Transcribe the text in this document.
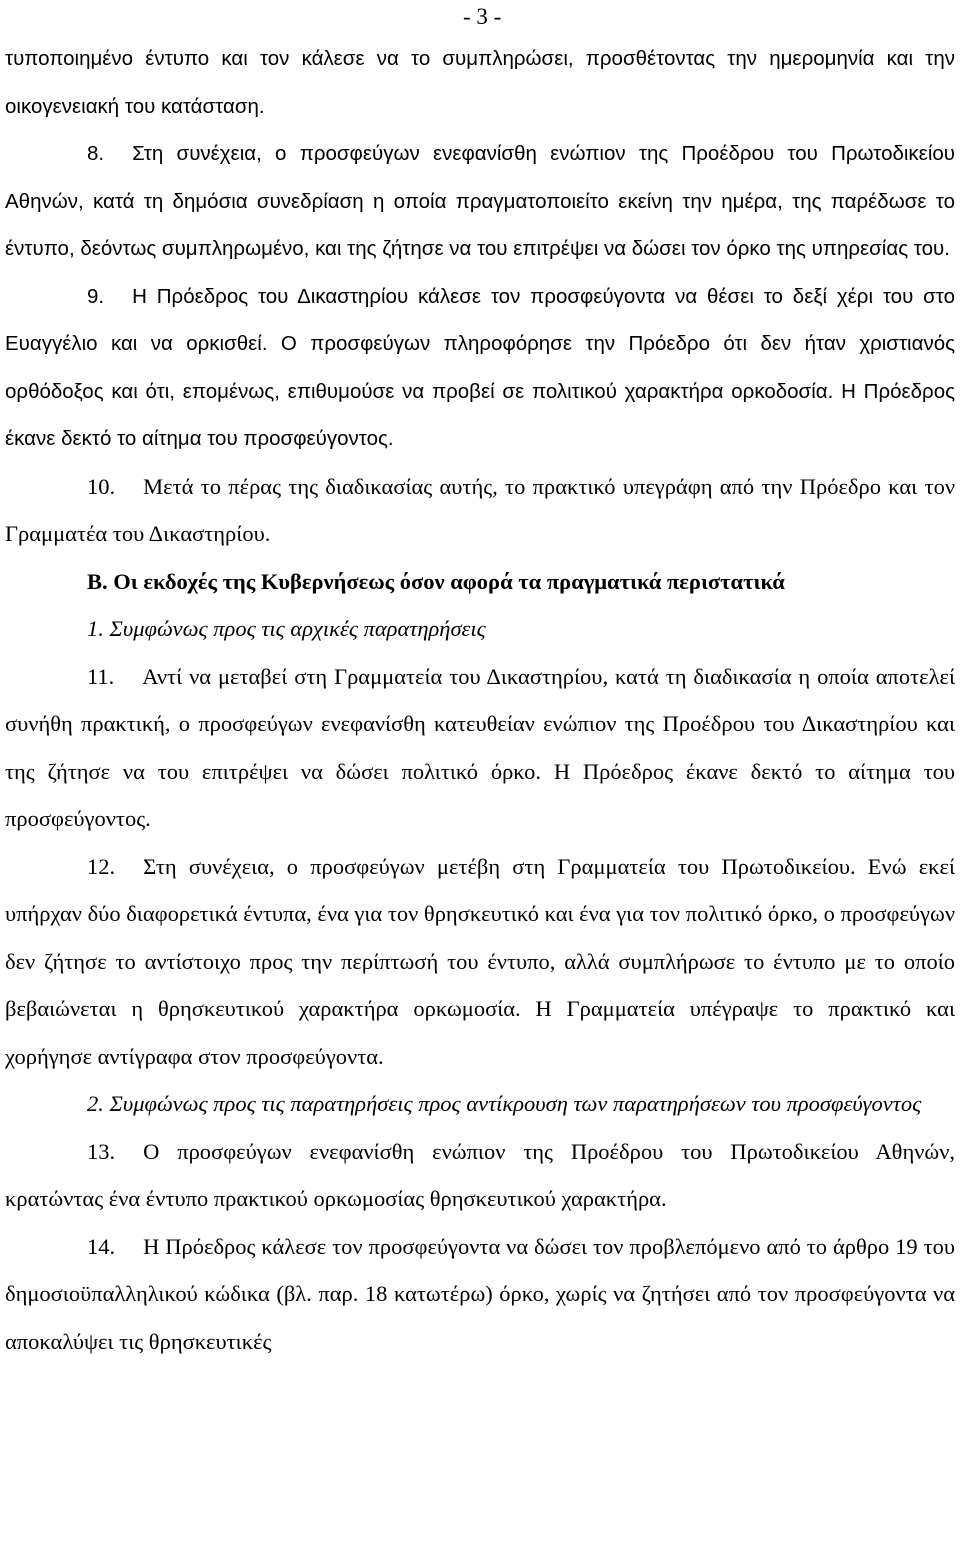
- 3 -

τυποποιημένο έντυπο και τον κάλεσε να το συμπληρώσει, προσθέτοντας την ημερομηνία και την οικογενειακή του κατάσταση.

8. Στη συνέχεια, ο προσφεύγων ενεφανίσθη ενώπιον της Προέδρου του Πρωτοδικείου Αθηνών, κατά τη δημόσια συνεδρίαση η οποία πραγματοποιείτο εκείνη την ημέρα, της παρέδωσε το έντυπο, δεόντως συμπληρωμένο, και της ζήτησε να του επιτρέψει να δώσει τον όρκο της υπηρεσίας του.

9. Η Πρόεδρος του Δικαστηρίου κάλεσε τον προσφεύγοντα να θέσει το δεξί χέρι του στο Ευαγγέλιο και να ορκισθεί. Ο προσφεύγων πληροφόρησε την Πρόεδρο ότι δεν ήταν χριστιανός ορθόδοξος και ότι, επομένως, επιθυμούσε να προβεί σε πολιτικού χαρακτήρα ορκοδοσία. Η Πρόεδρος έκανε δεκτό το αίτημα του προσφεύγοντος.

10. Μετά το πέρας της διαδικασίας αυτής, το πρακτικό υπεγράφη από την Πρόεδρο και τον Γραμματέα του Δικαστηρίου.

B. Οι εκδοχές της Κυβερνήσεως όσον αφορά τα πραγματικά περιστατικά

1. Συμφώνως προς τις αρχικές παρατηρήσεις

11. Αντί να μεταβεί στη Γραμματεία του Δικαστηρίου, κατά τη διαδικασία η οποία αποτελεί συνήθη πρακτική, ο προσφεύγων ενεφανίσθη κατευθείαν ενώπιον της Προέδρου του Δικαστηρίου και της ζήτησε να του επιτρέψει να δώσει πολιτικό όρκο. Η Πρόεδρος έκανε δεκτό το αίτημα του προσφεύγοντος.

12. Στη συνέχεια, ο προσφεύγων μετέβη στη Γραμματεία του Πρωτοδικείου. Ενώ εκεί υπήρχαν δύο διαφορετικά έντυπα, ένα για τον θρησκευτικό και ένα για τον πολιτικό όρκο, ο προσφεύγων δεν ζήτησε το αντίστοιχο προς την περίπτωσή του έντυπο, αλλά συμπλήρωσε το έντυπο με το οποίο βεβαιώνεται η θρησκευτικού χαρακτήρα ορκωμοσία. Η Γραμματεία υπέγραψε το πρακτικό και χορήγησε αντίγραφα στον προσφεύγοντα.

2. Συμφώνως προς τις παρατηρήσεις προς αντίκρουση των παρατηρήσεων του προσφεύγοντος

13. Ο προσφεύγων ενεφανίσθη ενώπιον της Προέδρου του Πρωτοδικείου Αθηνών, κρατώντας ένα έντυπο πρακτικού ορκωμοσίας θρησκευτικού χαρακτήρα.

14. Η Πρόεδρος κάλεσε τον προσφεύγοντα να δώσει τον προβλεπόμενο από το άρθρο 19 του δημοσιοϋπαλληλικού κώδικα (βλ. παρ. 18 κατωτέρω) όρκο, χωρίς να ζητήσει από τον προσφεύγοντα να αποκαλύψει τις θρησκευτικές
